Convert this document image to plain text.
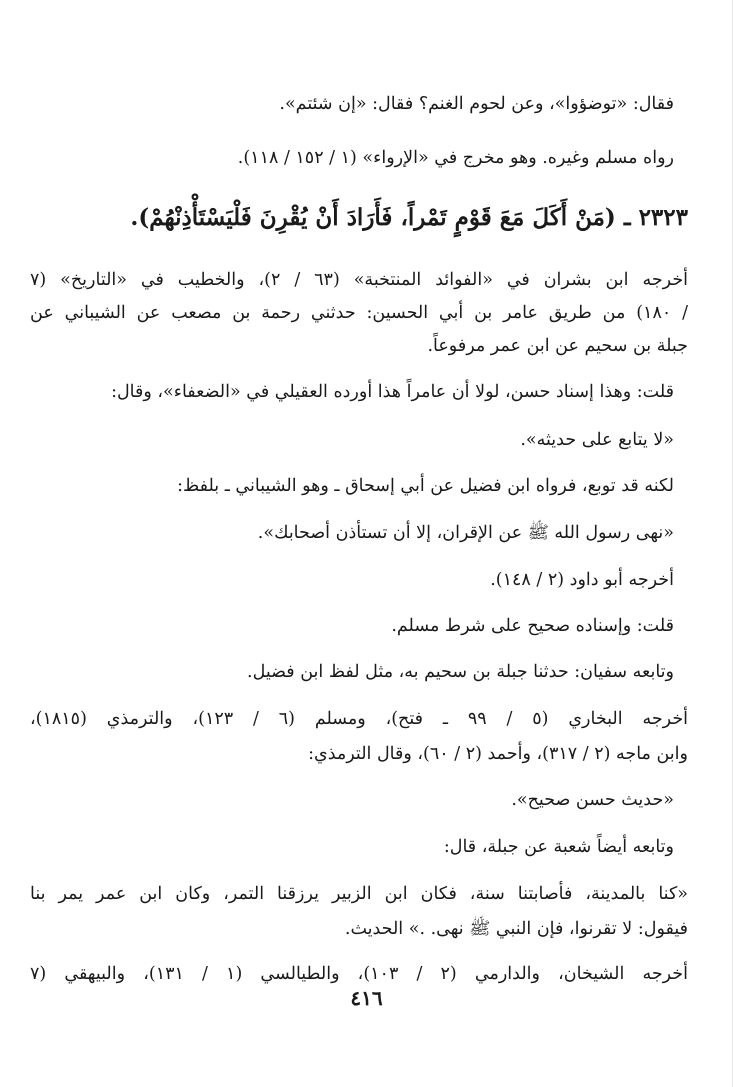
فقال: «توضؤوا»، وعن لحوم الغنم؟ فقال: «إن شئتم».
رواه مسلم وغيره. وهو مخرج في «الإرواء» (١ / ١٥٢ / ١١٨).
٢٣٢٣ ـ (مَنْ أَكَلَ مَعَ قَوْمٍ تَمْراً، فَأَرَادَ أَنْ يُقْرِنَ فَلْيَسْتَأْذِنْهُمْ).
أخرجه ابن بشران في «الفوائد المنتخبة» (٦٣ / ٢)، والخطيب في «التاريخ» (٧
/ ١٨٠) من طريق عامر بن أبي الحسين: حدثني رحمة بن مصعب عن الشيباني عن
جبلة بن سحيم عن ابن عمر مرفوعاً.
قلت: وهذا إسناد حسن، لولا أن عامراً هذا أورده العقيلي في «الضعفاء»، وقال:
«لا يتابع على حديثه».
لكنه قد توبع، فرواه ابن فضيل عن أبي إسحاق ـ وهو الشيباني ـ بلفظ:
«نهى رسول الله ﷺ عن الإقران، إلا أن تستأذن أصحابك».
أخرجه أبو داود (٢ / ١٤٨).
قلت: وإسناده صحيح على شرط مسلم.
وتابعه سفيان: حدثنا جبلة بن سحيم به، مثل لفظ ابن فضيل.
أخرجه البخاري (٥ / ٩٩ ـ فتح)، ومسلم (٦ / ١٢٣)، والترمذي (١٨١٥)،
وابن ماجه (٢ / ٣١٧)، وأحمد (٢ / ٦٠)، وقال الترمذي:
«حديث حسن صحيح».
وتابعه أيضاً شعبة عن جبلة، قال:
«كنا بالمدينة، فأصابتنا سنة، فكان ابن الزبير يرزقنا التمر، وكان ابن عمر يمر بنا
فيقول: لا تقرنوا، فإن النبي ﷺ نهى. .» الحديث.
أخرجه الشيخان، والدارمي (٢ / ١٠٣)، والطيالسي (١ / ١٣١)، والبيهقي (٧
٤١٦
